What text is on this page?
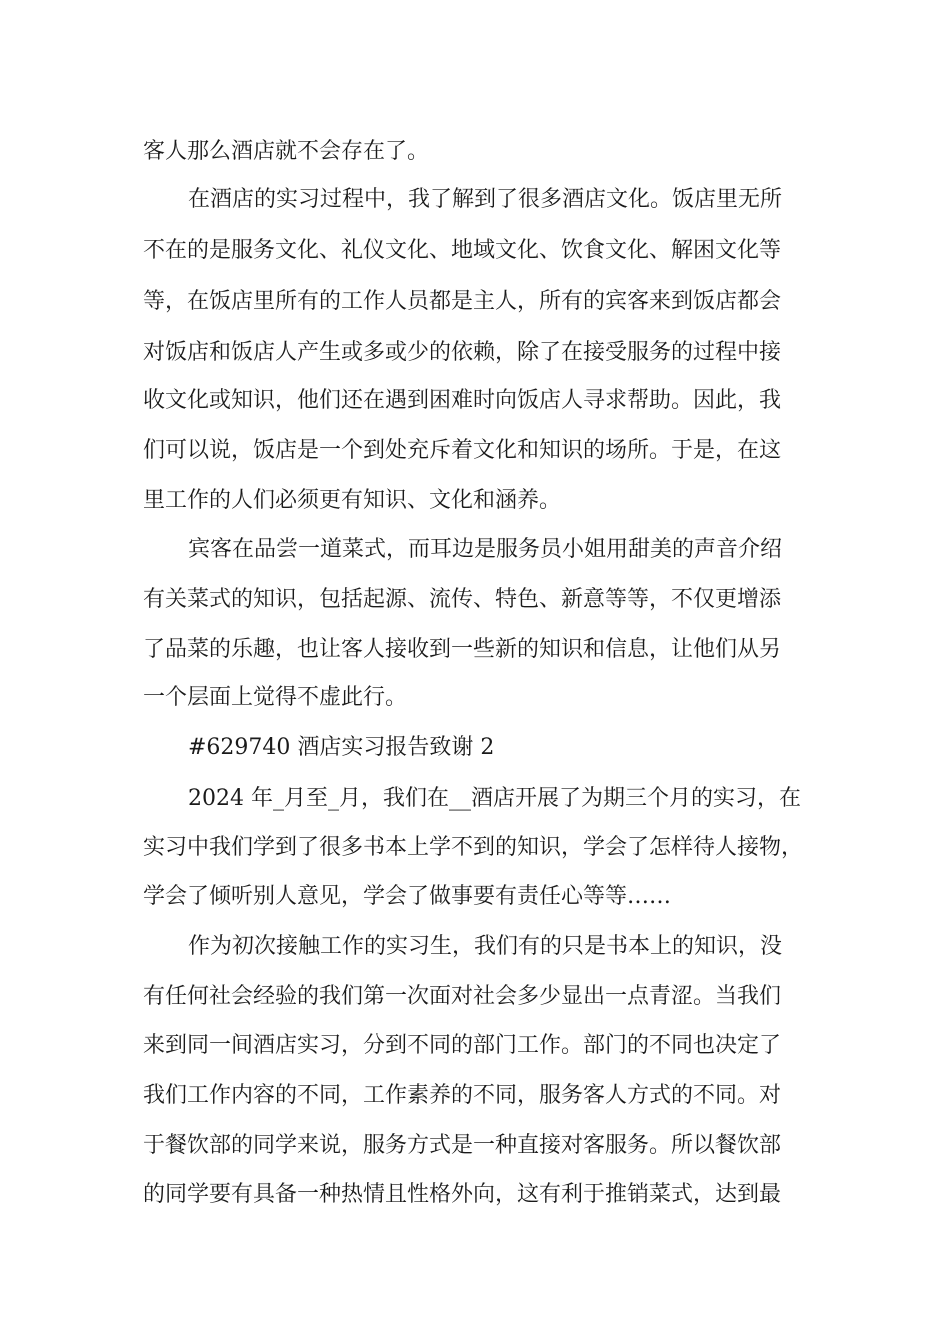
客人那么酒店就不会存在了。

在酒店的实习过程中，我了解到了很多酒店文化。饭店里无所

不在的是服务文化、礼仪文化、地域文化、饮食文化、解困文化等

等，在饭店里所有的工作人员都是主人，所有的宾客来到饭店都会

对饭店和饭店人产生或多或少的依赖，除了在接受服务的过程中接

收文化或知识，他们还在遇到困难时向饭店人寻求帮助。因此，我

们可以说，饭店是一个到处充斥着文化和知识的场所。于是，在这

里工作的人们必须更有知识、文化和涵养。

宾客在品尝一道菜式，而耳边是服务员小姐用甜美的声音介绍

有关菜式的知识，包括起源、流传、特色、新意等等，不仅更增添

了品菜的乐趣，也让客人接收到一些新的知识和信息，让他们从另

一个层面上觉得不虚此行。

#629740 酒店实习报告致谢 2

2024 年_月至_月，我们在__酒店开展了为期三个月的实习，在

实习中我们学到了很多书本上学不到的知识，学会了怎样待人接物，

学会了倾听别人意见，学会了做事要有责任心等等……

作为初次接触工作的实习生，我们有的只是书本上的知识，没

有任何社会经验的我们第一次面对社会多少显出一点青涩。当我们

来到同一间酒店实习，分到不同的部门工作。部门的不同也决定了

我们工作内容的不同，工作素养的不同，服务客人方式的不同。对

于餐饮部的同学来说，服务方式是一种直接对客服务。所以餐饮部

的同学要有具备一种热情且性格外向，这有利于推销菜式，达到最
